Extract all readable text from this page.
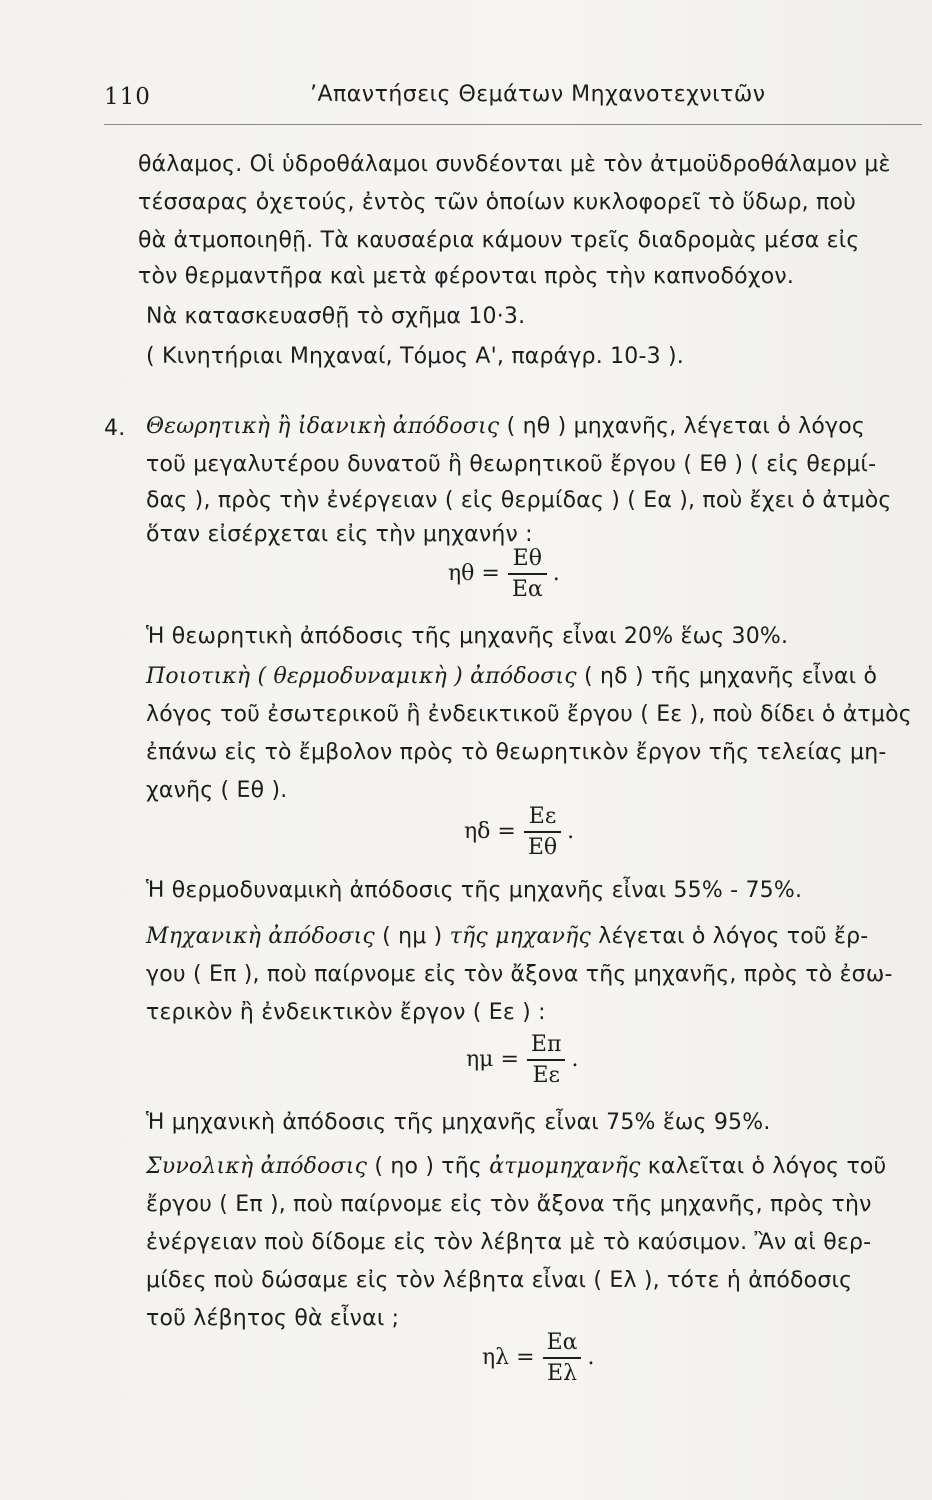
110	’Απαντήσεις Θεμάτων Μηχανοτεχνιτῶν
θάλαμος. Οἱ ὑδροθάλαμοι συνδέονται μὲ τὸν ἀτμοϋδροθάλαμον μὲ
τέσσαρας ὀχετούς, ἐντὸς τῶν ὁποίων κυκλοφορεῖ τὸ ὕδωρ, ποὺ
θὰ ἀτμοποιηθῇ. Τὰ καυσαέρια κάμουν τρεῖς διαδρομὰς μέσα εἰς
τὸν θερμαντῆρα καὶ μετὰ φέρονται πρὸς τὴν καπνοδόχον.
Νὰ κατασκευασθῇ τὸ σχῆμα 10·3.
( Κινητήριαι Μηχαναί, Τόμος Α', παράγρ. 10-3 ).
4. Θεωρητικὴ ἢ ἰδανικὴ ἀπόδοσις ( ηθ ) μηχανῆς, λέγεται ὁ λόγος
τοῦ μεγαλυτέρου δυνατοῦ ἢ θεωρητικοῦ ἔργου ( Εθ ) ( εἰς θερμί-
δας ), πρὸς τὴν ἐνέργειαν ( εἰς θερμίδας ) ( Εα ), ποὺ ἔχει ὁ ἀτμὸς
ὅταν εἰσέρχεται εἰς τὴν μηχανήν :
$\eta\theta = \frac{E\theta}{E\alpha}$ .
Ἡ θεωρητικὴ ἀπόδοσις τῆς μηχανῆς εἶναι 20% ἕως 30%.
Ποιοτικὴ ( θερμοδυναμικὴ ) ἀπόδοσις ( ηδ ) τῆς μηχανῆς εἶναι ὁ
λόγος τοῦ ἐσωτερικοῦ ἢ ἐνδεικτικοῦ ἔργου ( Εε ), ποὺ δίδει ὁ ἀτμὸς
ἐπάνω εἰς τὸ ἔμβολον πρὸς τὸ θεωρητικὸν ἔργον τῆς τελείας μη-
χανῆς ( Εθ ).
$\eta\delta = \frac{E\varepsilon}{E\theta}$ .
Ἡ θερμοδυναμικὴ ἀπόδοσις τῆς μηχανῆς εἶναι 55% - 75%.
Μηχανικὴ ἀπόδοσις ( ημ ) τῆς μηχανῆς λέγεται ὁ λόγος τοῦ ἔρ-
γου ( Επ ), ποὺ παίρνομε εἰς τὸν ἄξονα τῆς μηχανῆς, πρὸς τὸ ἐσω-
τερικὸν ἢ ἐνδεικτικὸν ἔργον ( Εε ) :
$\eta\mu = \frac{E\pi}{E\varepsilon}$ .
Ἡ μηχανικὴ ἀπόδοσις τῆς μηχανῆς εἶναι 75% ἕως 95%.
Συνολικὴ ἀπόδοσις ( ηο ) τῆς ἀτμομηχανῆς καλεῖται ὁ λόγος τοῦ
ἔργου ( Επ ), ποὺ παίρνομε εἰς τὸν ἄξονα τῆς μηχανῆς, πρὸς τὴν
ἐνέργειαν ποὺ δίδομε εἰς τὸν λέβητα μὲ τὸ καύσιμον. Ἂν αἱ θερ-
μίδες ποὺ δώσαμε εἰς τὸν λέβητα εἶναι ( Ελ ), τότε ἡ ἀπόδοσις
τοῦ λέβητος θὰ εἶναι ;
$\eta\lambda = \frac{E\alpha}{E\lambda}$ .
